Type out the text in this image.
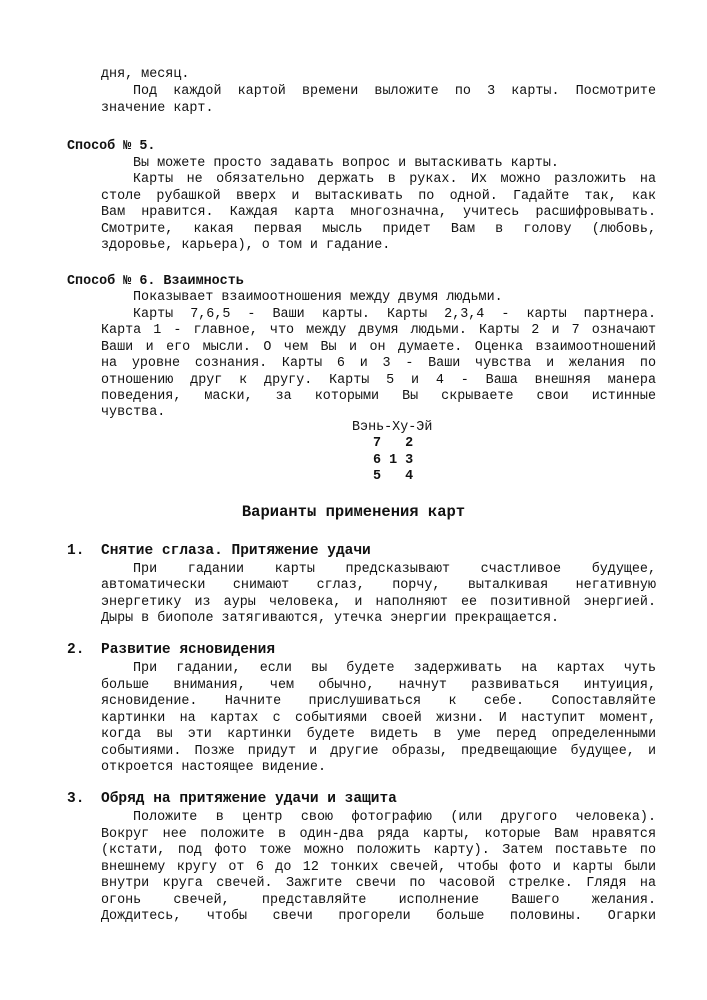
дня, месяц.
Под каждой картой времени выложите по 3 карты. Посмотрите
значение карт.
Способ № 5.
Вы можете просто задавать вопрос и вытаскивать карты.
Карты не обязательно держать в руках. Их можно разложить на
столе рубашкой вверх и вытаскивать по одной. Гадайте так, как
Вам нравится. Каждая карта многозначна, учитесь расшифровывать.
Смотрите, какая первая мысль придет Вам в голову (любовь,
здоровье, карьера), о том и гадание.
Способ № 6. Взаимность
Показывает взаимоотношения между двумя людьми.
Карты 7,6,5 - Ваши карты. Карты 2,3,4 - карты партнера.
Карта 1 - главное, что между двумя людьми. Карты 2 и 7 означают
Ваши и его мысли. О чем Вы и он думаете. Оценка взаимоотношений
на уровне сознания. Карты 6 и 3 - Ваши чувства и желания по
отношению друг к другу. Карты 5 и 4 - Ваша внешняя манера
поведения, маски, за которыми Вы скрываете свои истинные
чувства.
Вэнь-Ху-Эй
7   2
6 1 3
5   4
Варианты применения карт
1. Снятие сглаза. Притяжение удачи
При гадании карты предсказывают счастливое будущее,
автоматически снимают сглаз, порчу, выталкивая негативную
энергетику из ауры человека, и наполняют ее позитивной энергией.
Дыры в биополе затягиваются, утечка энергии прекращается.
2. Развитие ясновидения
При гадании, если вы будете задерживать на картах чуть
больше внимания, чем обычно, начнут развиваться интуиция,
ясновидение. Начните прислушиваться к себе. Сопоставляйте
картинки на картах с событиями своей жизни. И наступит момент,
когда вы эти картинки будете видеть в уме перед определенными
событиями. Позже придут и другие образы, предвещающие будущее, и
откроется настоящее видение.
3. Обряд на притяжение удачи и защита
Положите в центр свою фотографию (или другого человека).
Вокруг нее положите в один-два ряда карты, которые Вам нравятся
(кстати, под фото тоже можно положить карту). Затем поставьте по
внешнему кругу от 6 до 12 тонких свечей, чтобы фото и карты были
внутри круга свечей. Зажгите свечи по часовой стрелке. Глядя на
огонь свечей, представляйте исполнение Вашего желания.
Дождитесь, чтобы свечи прогорели больше половины. Огарки
